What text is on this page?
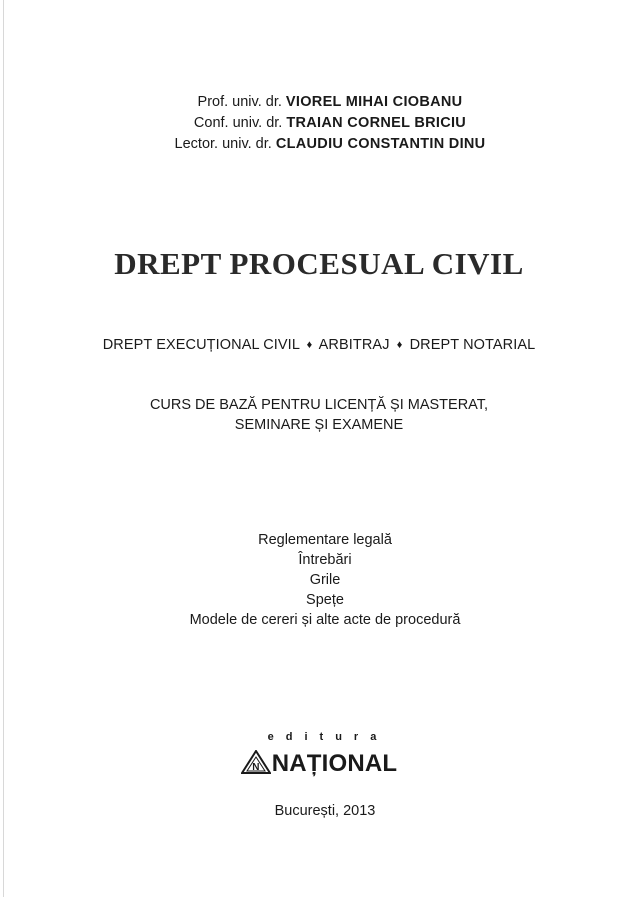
Prof. univ. dr. VIOREL MIHAI CIOBANU
Conf. univ. dr. TRAIAN CORNEL BRICIU
Lector. univ. dr. CLAUDIU CONSTANTIN DINU
DREPT PROCESUAL CIVIL
DREPT EXECUȚIONAL CIVIL ♦ ARBITRAJ ♦ DREPT NOTARIAL
CURS DE BAZĂ PENTRU LICENȚĂ ȘI MASTERAT,
SEMINARE ȘI EXAMENE
Reglementare legală
Întrebări
Grile
Spețe
Modele de cereri și alte acte de procedură
editura
N NAȚIONAL
București, 2013
